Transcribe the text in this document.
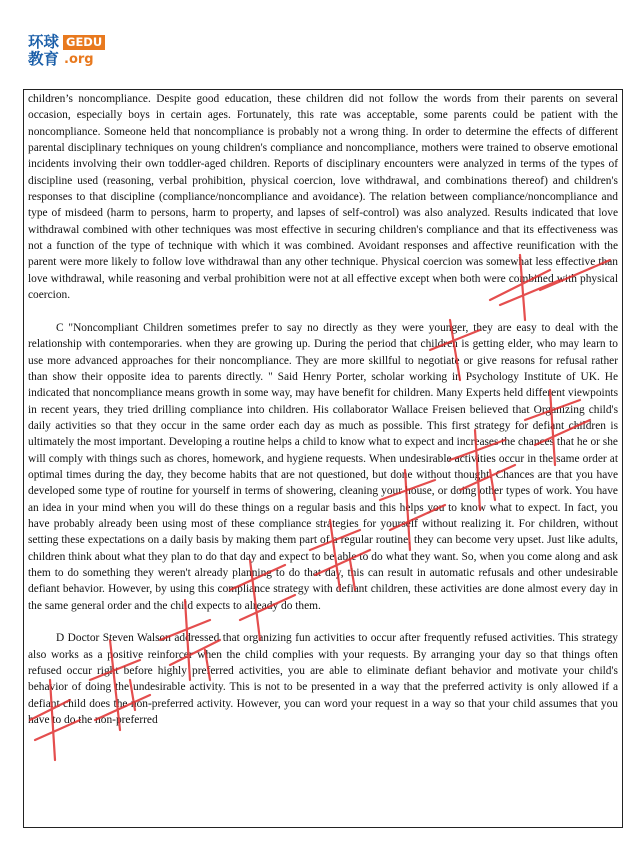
环球 GEDU
教育 .org

children’s noncompliance. Despite good education, these children did not follow the words from their parents on several occasion, especially boys in certain ages. Fortunately, this rate was acceptable, some parents could be patient with the noncompliance. Someone held that noncompliance is probably not a wrong thing. In order to determine the effects of different parental disciplinary techniques on young children's compliance and noncompliance, mothers were trained to observe emotional incidents involving their own toddler-aged children. Reports of disciplinary encounters were analyzed in terms of the types of discipline used (reasoning, verbal prohibition, physical coercion, love withdrawal, and combinations thereof) and children's responses to that discipline (compliance/noncompliance and avoidance). The relation between compliance/noncompliance and type of misdeed (harm to persons, harm to property, and lapses of self-control) was also analyzed. Results indicated that love withdrawal combined with other techniques was most effective in securing children's compliance and that its effectiveness was not a function of the type of technique with which it was combined. Avoidant responses and affective reunification with the parent were more likely to follow love withdrawal than any other technique. Physical coercion was somewhat less effective than love withdrawal, while reasoning and verbal prohibition were not at all effective except when both were combined with physical coercion.

C "Noncompliant Children sometimes prefer to say no directly as they were younger, they are easy to deal with the relationship with contemporaries. when they are growing up. During the period that children is getting elder, who may learn to use more advanced approaches for their noncompliance. They are more skillful to negotiate or give reasons for refusal rather than show their opposite idea to parents directly. " Said Henry Porter, scholar working in Psychology Institute of UK. He indicated that noncompliance means growth in some way, may have benefit for children. Many Experts held different viewpoints in recent years, they tried drilling compliance into children. His collaborator Wallace Freisen believed that Organizing child's daily activities so that they occur in the same order each day as much as possible. This first strategy for defiant children is ultimately the most important. Developing a routine helps a child to know what to expect and increases the chances that he or she will comply with things such as chores, homework, and hygiene requests. When undesirable activities occur in the same order at optimal times during the day, they become habits that are not questioned, but done without thought. Chances are that you have developed some type of routine for yourself in terms of showering, cleaning your house, or doing other types of work. You have an idea in your mind when you will do these things on a regular basis and this helps you to know what to expect. In fact, you have probably already been using most of these compliance strategies for yourself without realizing it. For children, without setting these expectations on a daily basis by making them part of a regular routine, they can become very upset. Just like adults, children think about what they plan to do that day and expect to be able to do what they want. So, when you come along and ask them to do something they weren't already planning to do that day, this can result in automatic refusals and other undesirable defiant behavior. However, by using this compliance strategy with defiant children, these activities are done almost every day in the same general order and the child expects to already do them.

D Doctor Steven Walson addressed that organizing fun activities to occur after frequently refused activities. This strategy also works as a positive reinforcer when the child complies with your requests. By arranging your day so that things often refused occur right before highly preferred activities, you are able to eliminate defiant behavior and motivate your child's behavior of doing the undesirable activity. This is not to be presented in a way that the preferred activity is only allowed if a defiant child does the non-preferred activity. However, you can word your request in a way so that your child assumes that you have to do the non-preferred
